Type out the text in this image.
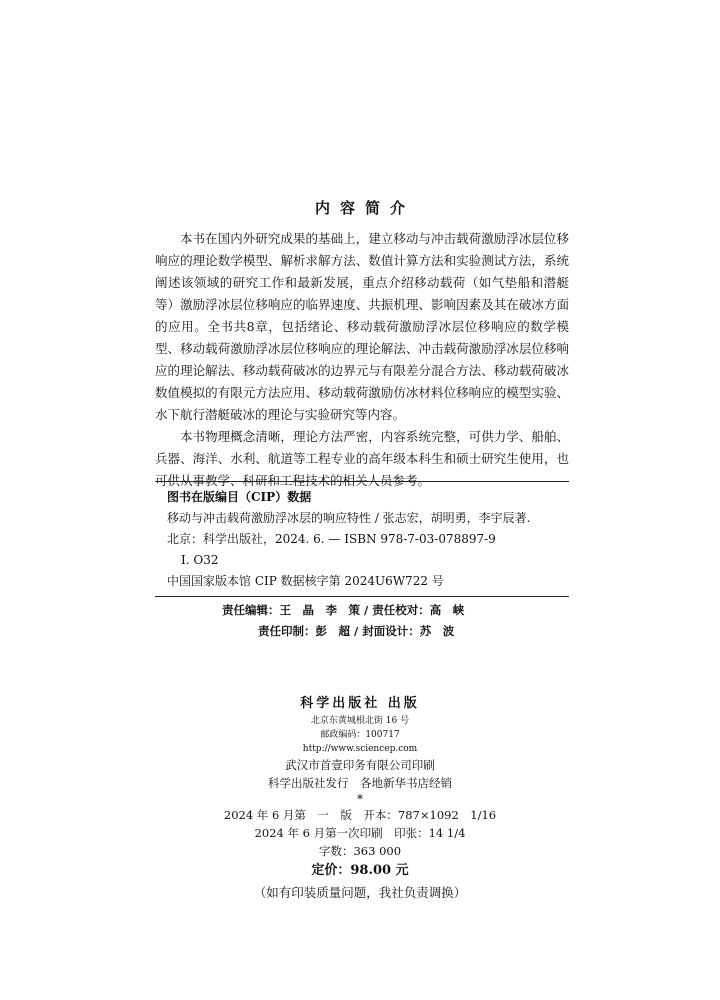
内容简介

本书在国内外研究成果的基础上，建立移动与冲击载荷激励浮冰层位移响应的理论数学模型、解析求解方法、数值计算方法和实验测试方法，系统阐述该领域的研究工作和最新发展，重点介绍移动载荷（如气垫船和潜艇等）激励浮冰层位移响应的临界速度、共振机理、影响因素及其在破冰方面的应用。全书共8章，包括绪论、移动载荷激励浮冰层位移响应的数学模型、移动载荷激励浮冰层位移响应的理论解法、冲击载荷激励浮冰层位移响应的理论解法、移动载荷破冰的边界元与有限差分混合方法、移动载荷破冰数值模拟的有限元方法应用、移动载荷激励仿冰材料位移响应的模型实验、水下航行潜艇破冰的理论与实验研究等内容。

本书物理概念清晰，理论方法严密，内容系统完整，可供力学、船舶、兵器、海洋、水利、航道等工程专业的高年级本科生和硕士研究生使用，也可供从事教学、科研和工程技术的相关人员参考。

图书在版编目（CIP）数据
移动与冲击载荷激励浮冰层的响应特性 / 张志宏，胡明勇，李宇辰著.
北京：科学出版社，2024. 6. — ISBN 978-7-03-078897-9
Ⅰ. O32
中国国家版本馆 CIP 数据核字第 2024U6W722 号
责任编辑：王　晶　李　策 / 责任校对：高　峡
责任印制：彭　超 / 封面设计：苏　波
科学出版社 出版
北京东黄城根北街 16 号
邮政编码：100717
http://www.sciencep.com
武汉市首壹印务有限公司印刷
科学出版社发行　各地新华书店经销
*
2024 年 6 月第　一　版　开本：787×1092　1/16
2024 年 6 月第一次印刷　印张：14 1/4
字数：363 000
定价：98.00 元
（如有印装质量问题，我社负责调换）
